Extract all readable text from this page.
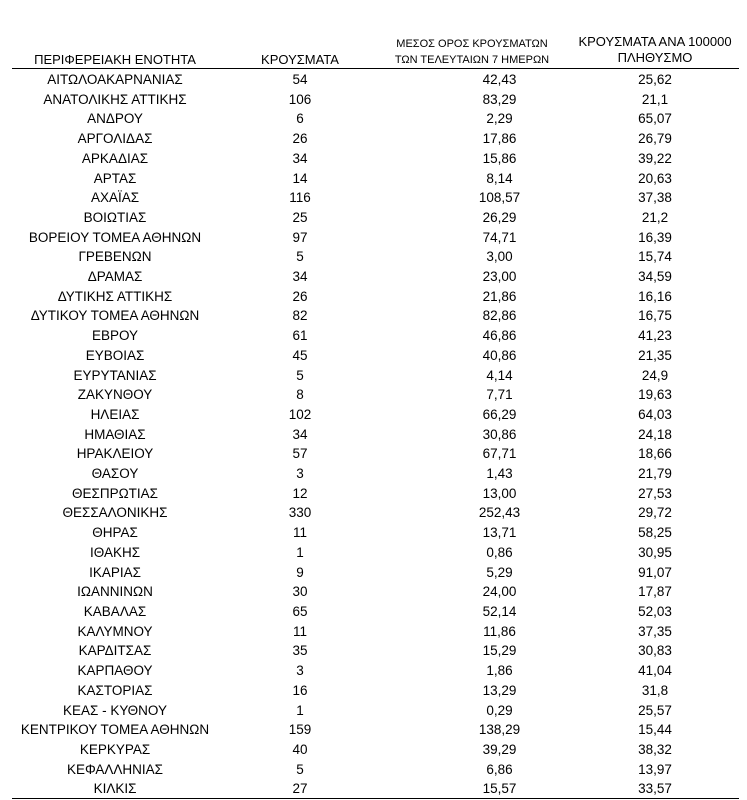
ΠΕΡΙΦΕΡΕΙΑΚΗ ΕΝΟΤΗΤΑ	ΚΡΟΥΣΜΑΤΑ
ΜΕΣΟΣ ΟΡΟΣ ΚΡΟΥΣΜΑΤΩΝ
ΤΩΝ ΤΕΛΕΥΤΑΙΩΝ 7 ΗΜΕΡΩΝ
ΚΡΟΥΣΜΑΤΑ ΑΝΑ 100000
ΠΛΗΘΥΣΜΟ
ΑΙΤΩΛΟΑΚΑΡΝΑΝΙΑΣ	54	42,43	25,62
ΑΝΑΤΟΛΙΚΗΣ ΑΤΤΙΚΗΣ	106	83,29	21,1
ΑΝΔΡΟΥ	6	2,29	65,07
ΑΡΓΟΛΙΔΑΣ	26	17,86	26,79
ΑΡΚΑΔΙΑΣ	34	15,86	39,22
ΑΡΤΑΣ	14	8,14	20,63
ΑΧΑΪΑΣ	116	108,57	37,38
ΒΟΙΩΤΙΑΣ	25	26,29	21,2
ΒΟΡΕΙΟΥ ΤΟΜΕΑ ΑΘΗΝΩΝ	97	74,71	16,39
ΓΡΕΒΕΝΩΝ	5	3,00	15,74
ΔΡΑΜΑΣ	34	23,00	34,59
ΔΥΤΙΚΗΣ ΑΤΤΙΚΗΣ	26	21,86	16,16
ΔΥΤΙΚΟΥ ΤΟΜΕΑ ΑΘΗΝΩΝ	82	82,86	16,75
ΕΒΡΟΥ	61	46,86	41,23
ΕΥΒΟΙΑΣ	45	40,86	21,35
ΕΥΡΥΤΑΝΙΑΣ	5	4,14	24,9
ΖΑΚΥΝΘΟΥ	8	7,71	19,63
ΗΛΕΙΑΣ	102	66,29	64,03
ΗΜΑΘΙΑΣ	34	30,86	24,18
ΗΡΑΚΛΕΙΟΥ	57	67,71	18,66
ΘΑΣΟΥ	3	1,43	21,79
ΘΕΣΠΡΩΤΙΑΣ	12	13,00	27,53
ΘΕΣΣΑΛΟΝΙΚΗΣ	330	252,43	29,72
ΘΗΡΑΣ	11	13,71	58,25
ΙΘΑΚΗΣ	1	0,86	30,95
ΙΚΑΡΙΑΣ	9	5,29	91,07
ΙΩΑΝΝΙΝΩΝ	30	24,00	17,87
ΚΑΒΑΛΑΣ	65	52,14	52,03
ΚΑΛΥΜΝΟΥ	11	11,86	37,35
ΚΑΡΔΙΤΣΑΣ	35	15,29	30,83
ΚΑΡΠΑΘΟΥ	3	1,86	41,04
ΚΑΣΤΟΡΙΑΣ	16	13,29	31,8
ΚΕΑΣ - ΚΥΘΝΟΥ	1	0,29	25,57
ΚΕΝΤΡΙΚΟΥ ΤΟΜΕΑ ΑΘΗΝΩΝ	159	138,29	15,44
ΚΕΡΚΥΡΑΣ	40	39,29	38,32
ΚΕΦΑΛΛΗΝΙΑΣ	5	6,86	13,97
ΚΙΛΚΙΣ	27	15,57	33,57
